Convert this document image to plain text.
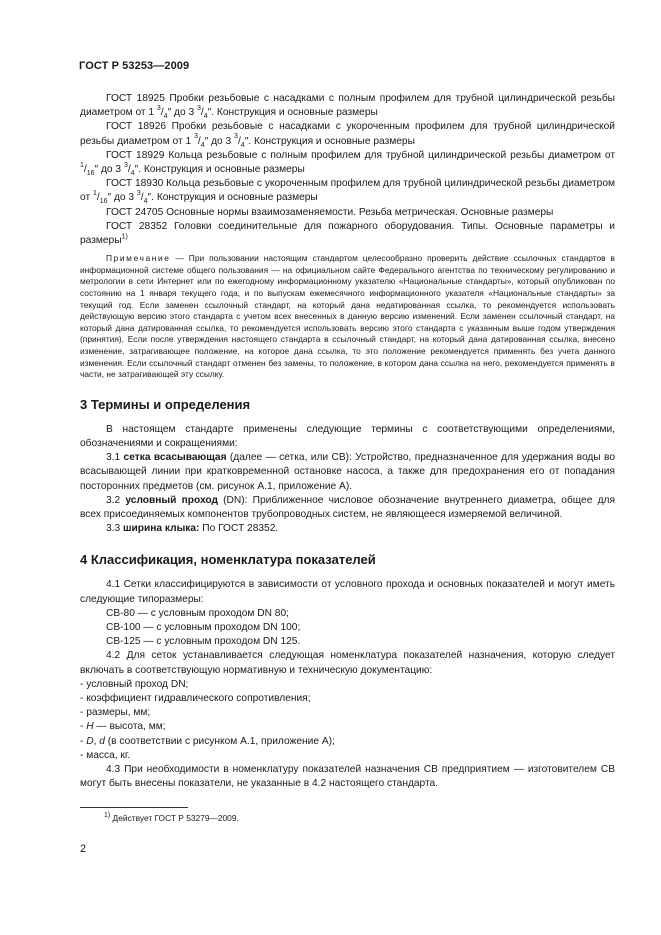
ГОСТ Р 53253—2009

ГОСТ 18925 Пробки резьбовые с насадками с полным профилем для трубной цилиндрической резьбы диаметром от 1 $^3/_4''$ до 3 $^3/_4''$. Конструкция и основные размеры

ГОСТ 18926 Пробки резьбовые с насадками с укороченным профилем для трубной цилиндрической резьбы диаметром от 1 $^3/_4''$ до 3 $^3/_4''$. Конструкция и основные размеры

ГОСТ 18929 Кольца резьбовые с полным профилем для трубной цилиндрической резьбы диаметром от $^1/_{16}''$ до 3 $^3/_4''$. Конструкция и основные размеры

ГОСТ 18930 Кольца резьбовые с укороченным профилем для трубной цилиндрической резьбы диаметром от $^1/_{16}''$ до 3 $^3/_4''$. Конструкция и основные размеры

ГОСТ 24705 Основные нормы взаимозаменяемости. Резьба метрическая. Основные размеры

ГОСТ 28352 Головки соединительные для пожарного оборудования. Типы. Основные параметры и размеры$^{1)}$

Примечание — При пользовании настоящим стандартом целесообразно проверить действие ссылочных стандартов в информационной системе общего пользования — на официальном сайте Федерального агентства по техническому регулированию и метрологии в сети Интернет или по ежегодному информационному указателю «Национальные стандарты», который опубликован по состоянию на 1 января текущего года, и по выпускам ежемесячного информационного указателя «Национальные стандарты» за текущий год. Если заменен ссылочный стандарт, на который дана недатированная ссылка, то рекомендуется использовать действующую версию этого стандарта с учетом всех внесенных в данную версию изменений. Если заменен ссылочный стандарт, на который дана датированная ссылка, то рекомендуется использовать версию этого стандарта с указанным выше годом утверждения (принятия). Если после утверждения настоящего стандарта в ссылочный стандарт, на который дана датированная ссылка, внесено изменение, затрагивающее положение, на которое дана ссылка, то это положение рекомендуется применять без учета данного изменения. Если ссылочный стандарт отменен без замены, то положение, в котором дана ссылка на него, рекомендуется применять в части, не затрагивающей эту ссылку.

3 Термины и определения

В настоящем стандарте применены следующие термины с соответствующими определениями, обозначениями и сокращениями:

3.1 сетка всасывающая (далее — сетка, или СВ): Устройство, предназначенное для удержания воды во всасывающей линии при кратковременной остановке насоса, а также для предохранения его от попадания посторонних предметов (см. рисунок А.1, приложение А).

3.2 условный проход (DN): Приближенное числовое обозначение внутреннего диаметра, общее для всех присоединяемых компонентов трубопроводных систем, не являющееся измеряемой величиной.

3.3 ширина клыка: По ГОСТ 28352.

4 Классификация, номенклатура показателей

4.1 Сетки классифицируются в зависимости от условного прохода и основных показателей и могут иметь следующие типоразмеры:

СВ-80 — с условным проходом DN 80;

СВ-100 — с условным проходом DN 100;

СВ-125 — с условным проходом DN 125.

4.2 Для сеток устанавливается следующая номенклатура показателей назначения, которую следует включать в соответствующую нормативную и техническую документацию:

- условный проход DN;

- коэффициент гидравлического сопротивления;

- размеры, мм;

- H — высота, мм;

- D, d (в соответствии с рисунком А.1, приложение А);

- масса, кг.

4.3 При необходимости в номенклатуру показателей назначения СВ предприятием — изготовителем СВ могут быть внесены показатели, не указанные в 4.2 настоящего стандарта.

$^{1)}$ Действует ГОСТ Р 53279—2009.
2
